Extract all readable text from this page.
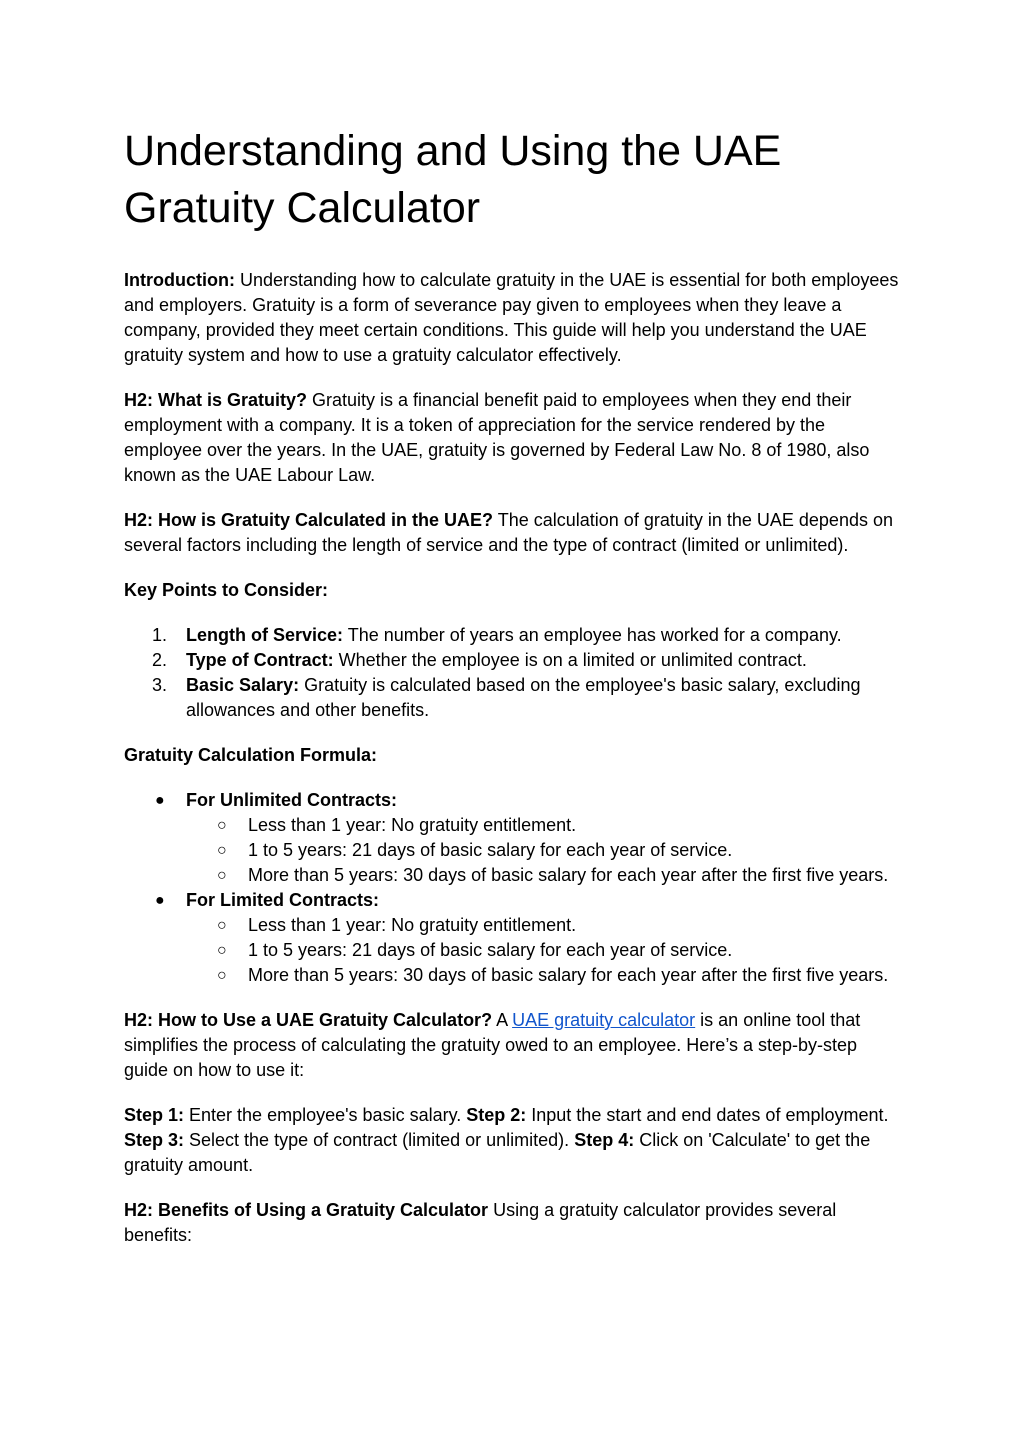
Understanding and Using the UAE Gratuity Calculator

Introduction: Understanding how to calculate gratuity in the UAE is essential for both employees and employers. Gratuity is a form of severance pay given to employees when they leave a company, provided they meet certain conditions. This guide will help you understand the UAE gratuity system and how to use a gratuity calculator effectively.

H2: What is Gratuity? Gratuity is a financial benefit paid to employees when they end their employment with a company. It is a token of appreciation for the service rendered by the employee over the years. In the UAE, gratuity is governed by Federal Law No. 8 of 1980, also known as the UAE Labour Law.

H2: How is Gratuity Calculated in the UAE? The calculation of gratuity in the UAE depends on several factors including the length of service and the type of contract (limited or unlimited).

Key Points to Consider:

1.	Length of Service: The number of years an employee has worked for a company.
2.	Type of Contract: Whether the employee is on a limited or unlimited contract.
3.	Basic Salary: Gratuity is calculated based on the employee's basic salary, excluding allowances and other benefits.

Gratuity Calculation Formula:

● For Unlimited Contracts:
○ Less than 1 year: No gratuity entitlement.
○ 1 to 5 years: 21 days of basic salary for each year of service.
○ More than 5 years: 30 days of basic salary for each year after the first five years.
● For Limited Contracts:
○ Less than 1 year: No gratuity entitlement.
○ 1 to 5 years: 21 days of basic salary for each year of service.
○ More than 5 years: 30 days of basic salary for each year after the first five years.

H2: How to Use a UAE Gratuity Calculator? A UAE gratuity calculator is an online tool that simplifies the process of calculating the gratuity owed to an employee. Here’s a step-by-step guide on how to use it:

Step 1: Enter the employee's basic salary. Step 2: Input the start and end dates of employment. Step 3: Select the type of contract (limited or unlimited). Step 4: Click on 'Calculate' to get the gratuity amount.

H2: Benefits of Using a Gratuity Calculator Using a gratuity calculator provides several benefits:
